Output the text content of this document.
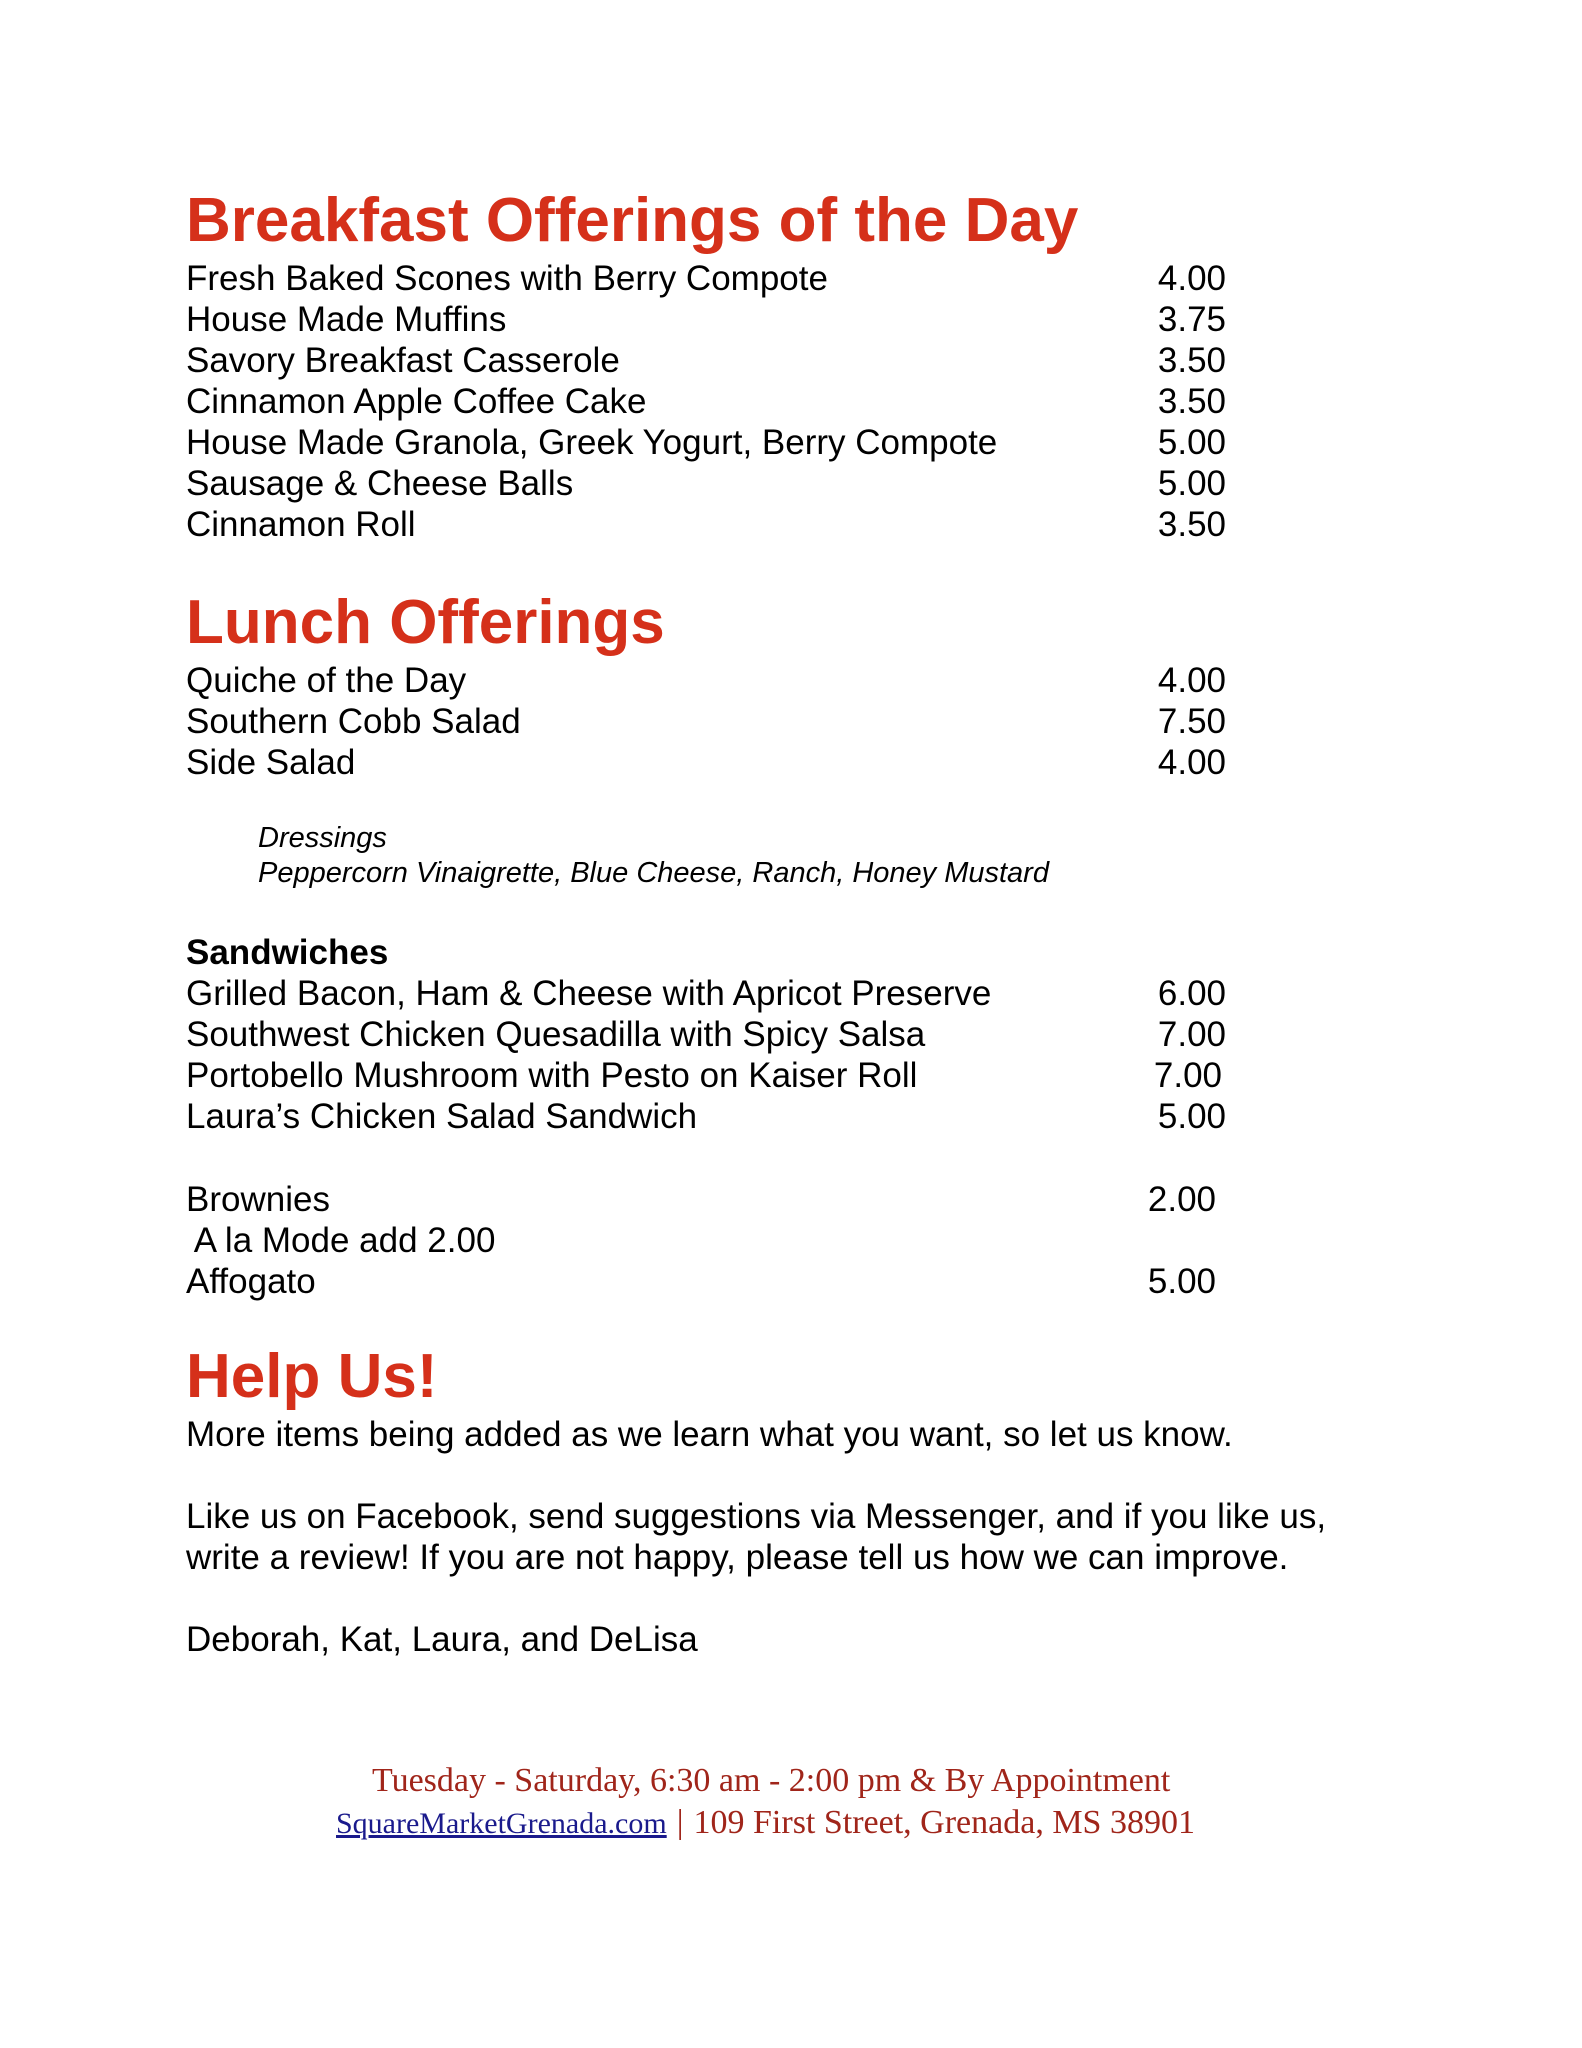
Breakfast Offerings of the Day
Fresh Baked Scones with Berry Compote	4.00
House Made Muffins	3.75
Savory Breakfast Casserole	3.50
Cinnamon Apple Coffee Cake	3.50
House Made Granola, Greek Yogurt, Berry Compote	5.00
Sausage & Cheese Balls	5.00
Cinnamon Roll	3.50
Lunch Offerings
Quiche of the Day	4.00
Southern Cobb Salad	7.50
Side Salad	4.00
Dressings
Peppercorn Vinaigrette, Blue Cheese, Ranch, Honey Mustard
Sandwiches
Grilled Bacon, Ham & Cheese with Apricot Preserve	6.00
Southwest Chicken Quesadilla with Spicy Salsa	7.00
Portobello Mushroom with Pesto on Kaiser Roll	7.00
Laura’s Chicken Salad Sandwich	5.00
Brownies	2.00
A la Mode add 2.00
Affogato	5.00
Help Us!
More items being added as we learn what you want, so let us know.
Like us on Facebook, send suggestions via Messenger, and if you like us,
write a review! If you are not happy, please tell us how we can improve.
Deborah, Kat, Laura, and DeLisa
Tuesday - Saturday, 6:30 am - 2:00 pm & By Appointment
SquareMarketGrenada.com | 109 First Street, Grenada, MS 38901
